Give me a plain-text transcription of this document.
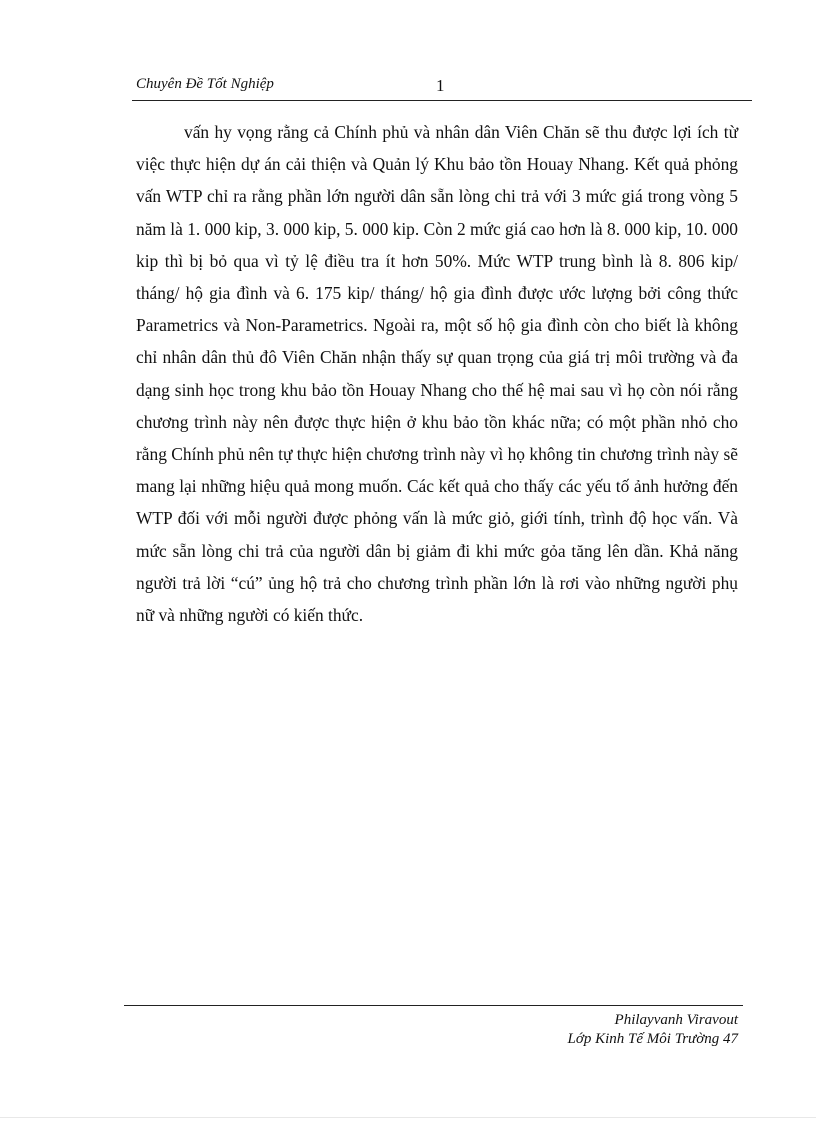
Chuyên Đề Tốt Nghiệp	1

vấn hy vọng rằng cả Chính phủ và nhân dân Viên Chăn sẽ thu được lợi ích từ việc thực hiện dự án cải thiện và Quản lý Khu bảo tồn Houay Nhang. Kết quả phỏng vấn WTP chỉ ra rằng phần lớn người dân sẵn lòng chi trả với 3 mức giá trong vòng 5 năm là 1. 000 kip, 3. 000 kip, 5. 000 kip. Còn 2 mức giá cao hơn là 8. 000 kip, 10. 000 kip thì bị bỏ qua vì tỷ lệ điều tra ít hơn 50%. Mức WTP trung bình là 8. 806 kip/ tháng/ hộ gia đình và 6. 175 kip/ tháng/ hộ gia đình được ước lượng bởi công thức Parametrics và Non-Parametrics. Ngoài ra, một số hộ gia đình còn cho biết là không chỉ nhân dân thủ đô Viên Chăn nhận thấy sự quan trọng của giá trị môi trường và đa dạng sinh học trong khu bảo tồn Houay Nhang cho thế hệ mai sau vì họ còn nói rằng chương trình này nên được thực hiện ở khu bảo tồn khác nữa; có một phần nhỏ cho rằng Chính phủ nên tự thực hiện chương trình này vì họ không tin chương trình này sẽ mang lại những hiệu quả mong muốn. Các kết quả cho thấy các yếu tố ảnh hưởng đến WTP đối với mỗi người được phỏng vấn là mức giỏ, giới tính, trình độ học vấn. Và mức sẵn lòng chi trả của người dân bị giảm đi khi mức gỏa tăng lên dần. Khả năng người trả lời “cú” ủng hộ trả cho chương trình phần lớn là rơi vào những người phụ nữ và những người có kiến thức.

Philayvanh Viravout
Lớp Kinh Tế Môi Trường 47
